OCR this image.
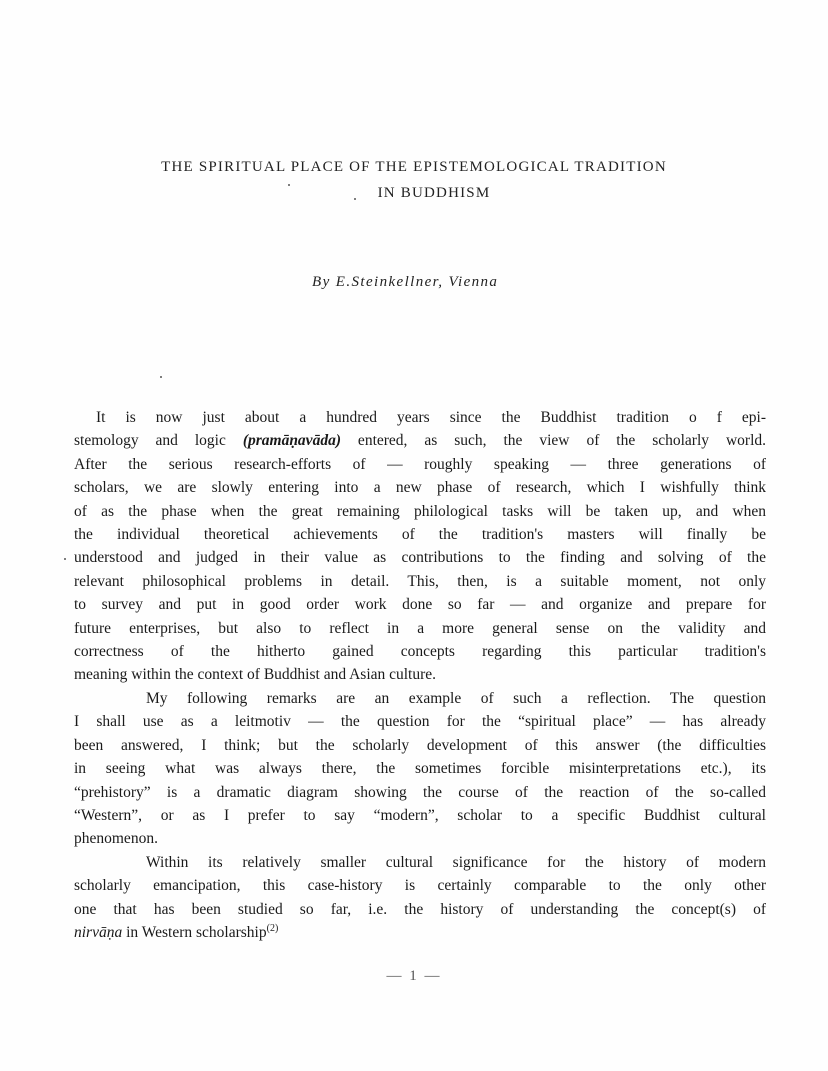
THE SPIRITUAL PLACE OF THE EPISTEMOLOGICAL TRADITION
IN BUDDHISM
By E.Steinkellner, Vienna
It is now just about a hundred years since the Buddhist tradition o f epi-
stemology and logic (pramāṇavāda) entered, as such, the view of the scholarly world.
After the serious research-efforts of — roughly speaking — three generations of
scholars, we are slowly entering into a new phase of research, which I wishfully think
of as the phase when the great remaining philological tasks will be taken up, and when
the individual theoretical achievements of the tradition's masters will finally be
understood and judged in their value as contributions to the finding and solving of the
relevant philosophical problems in detail. This, then, is a suitable moment, not only
to survey and put in good order work done so far — and organize and prepare for
future enterprises, but also to reflect in a more general sense on the validity and
correctness of the hitherto gained concepts regarding this particular tradition's
meaning within the context of Buddhist and Asian culture.
My following remarks are an example of such a reflection. The question
I shall use as a leitmotiv — the question for the “spiritual place” — has already
been answered, I think; but the scholarly development of this answer (the difficulties
in seeing what was always there, the sometimes forcible misinterpretations etc.), its
“prehistory” is a dramatic diagram showing the course of the reaction of the so-called
“Western”, or as I prefer to say “modern”, scholar to a specific Buddhist cultural
phenomenon.
Within its relatively smaller cultural significance for the history of modern
scholarly emancipation, this case-history is certainly comparable to the only other
one that has been studied so far, i.e. the history of understanding the concept(s) of
nirvāṇa in Western scholarship$^{(2)}$
— 1 —
